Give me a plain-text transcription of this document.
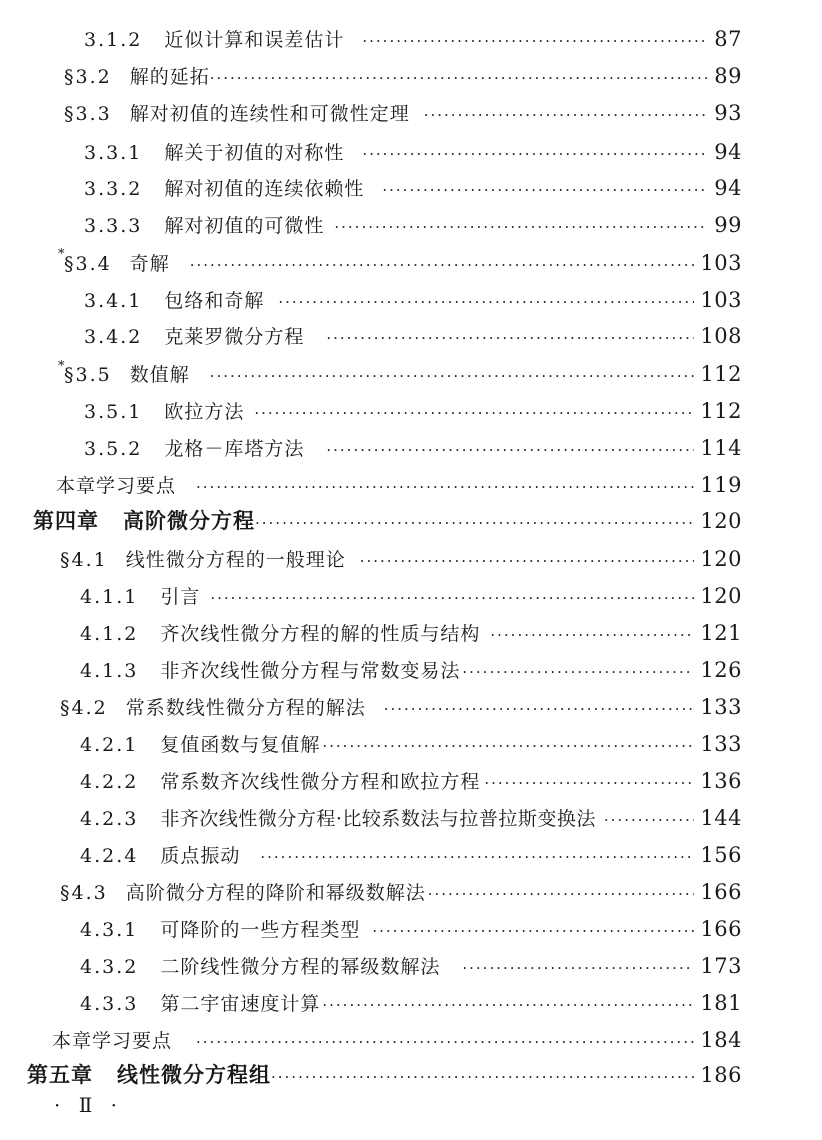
3.1.2 近似计算和误差估计 ·····	87
§3.2 解的延拓 ·····	89
§3.3 解对初值的连续性和可微性定理 ·····	93
3.3.1 解关于初值的对称性 ·····	94
3.3.2 解对初值的连续依赖性 ·····	94
3.3.3 解对初值的可微性 ·····	99
* §3.4 奇解 ·····	103
3.4.1 包络和奇解 ·····	103
3.4.2 克莱罗微分方程 ·····	108
* §3.5 数值解 ·····	112
3.5.1 欧拉方法 ·····	112
3.5.2 龙格－库塔方法 ·····	114
本章学习要点 ·····	119
第四章 高阶微分方程 ·····	120
§4.1 线性微分方程的一般理论 ·····	120
4.1.1 引言 ·····	120
4.1.2 齐次线性微分方程的解的性质与结构 ·····	121
4.1.3 非齐次线性微分方程与常数变易法 ·····	126
§4.2 常系数线性微分方程的解法 ·····	133
4.2.1 复值函数与复值解 ·····	133
4.2.2 常系数齐次线性微分方程和欧拉方程 ·····	136
4.2.3 非齐次线性微分方程·比较系数法与拉普拉斯变换法 ·····	144
4.2.4 质点振动 ·····	156
§4.3 高阶微分方程的降阶和幂级数解法 ·····	166
4.3.1 可降阶的一些方程类型 ·····	166
4.3.2 二阶线性微分方程的幂级数解法 ·····	173
4.3.3 第二宇宙速度计算 ·····	181
本章学习要点 ·····	184
第五章 线性微分方程组 ·····	186
· Ⅱ ·
